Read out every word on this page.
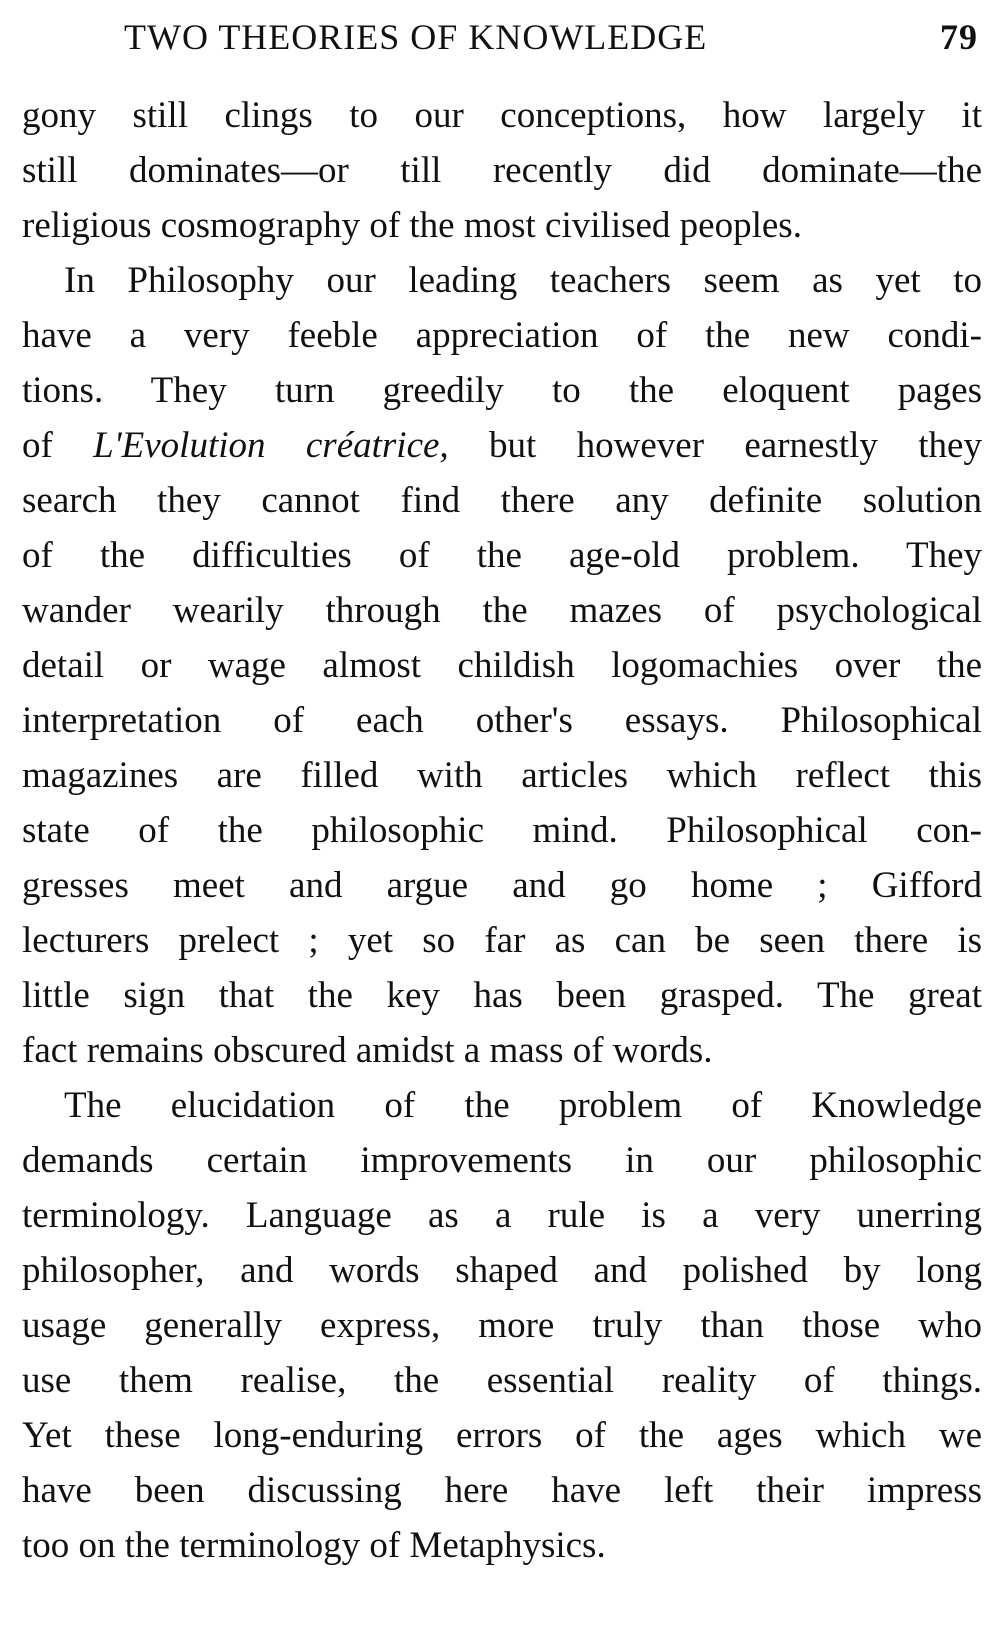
TWO THEORIES OF KNOWLEDGE	79
gony still clings to our conceptions, how largely it
still dominates—or till recently did dominate—the
religious cosmography of the most civilised peoples.
In Philosophy our leading teachers seem as yet to
have a very feeble appreciation of the new condi-
tions. They turn greedily to the eloquent pages
of L'Evolution créatrice, but however earnestly they
search they cannot find there any definite solution
of the difficulties of the age-old problem. They
wander wearily through the mazes of psychological
detail or wage almost childish logomachies over the
interpretation of each other's essays. Philosophical
magazines are filled with articles which reflect this
state of the philosophic mind. Philosophical con-
gresses meet and argue and go home ; Gifford
lecturers prelect ; yet so far as can be seen there is
little sign that the key has been grasped. The great
fact remains obscured amidst a mass of words.
The elucidation of the problem of Knowledge
demands certain improvements in our philosophic
terminology. Language as a rule is a very unerring
philosopher, and words shaped and polished by long
usage generally express, more truly than those who
use them realise, the essential reality of things.
Yet these long-enduring errors of the ages which we
have been discussing here have left their impress
too on the terminology of Metaphysics.
